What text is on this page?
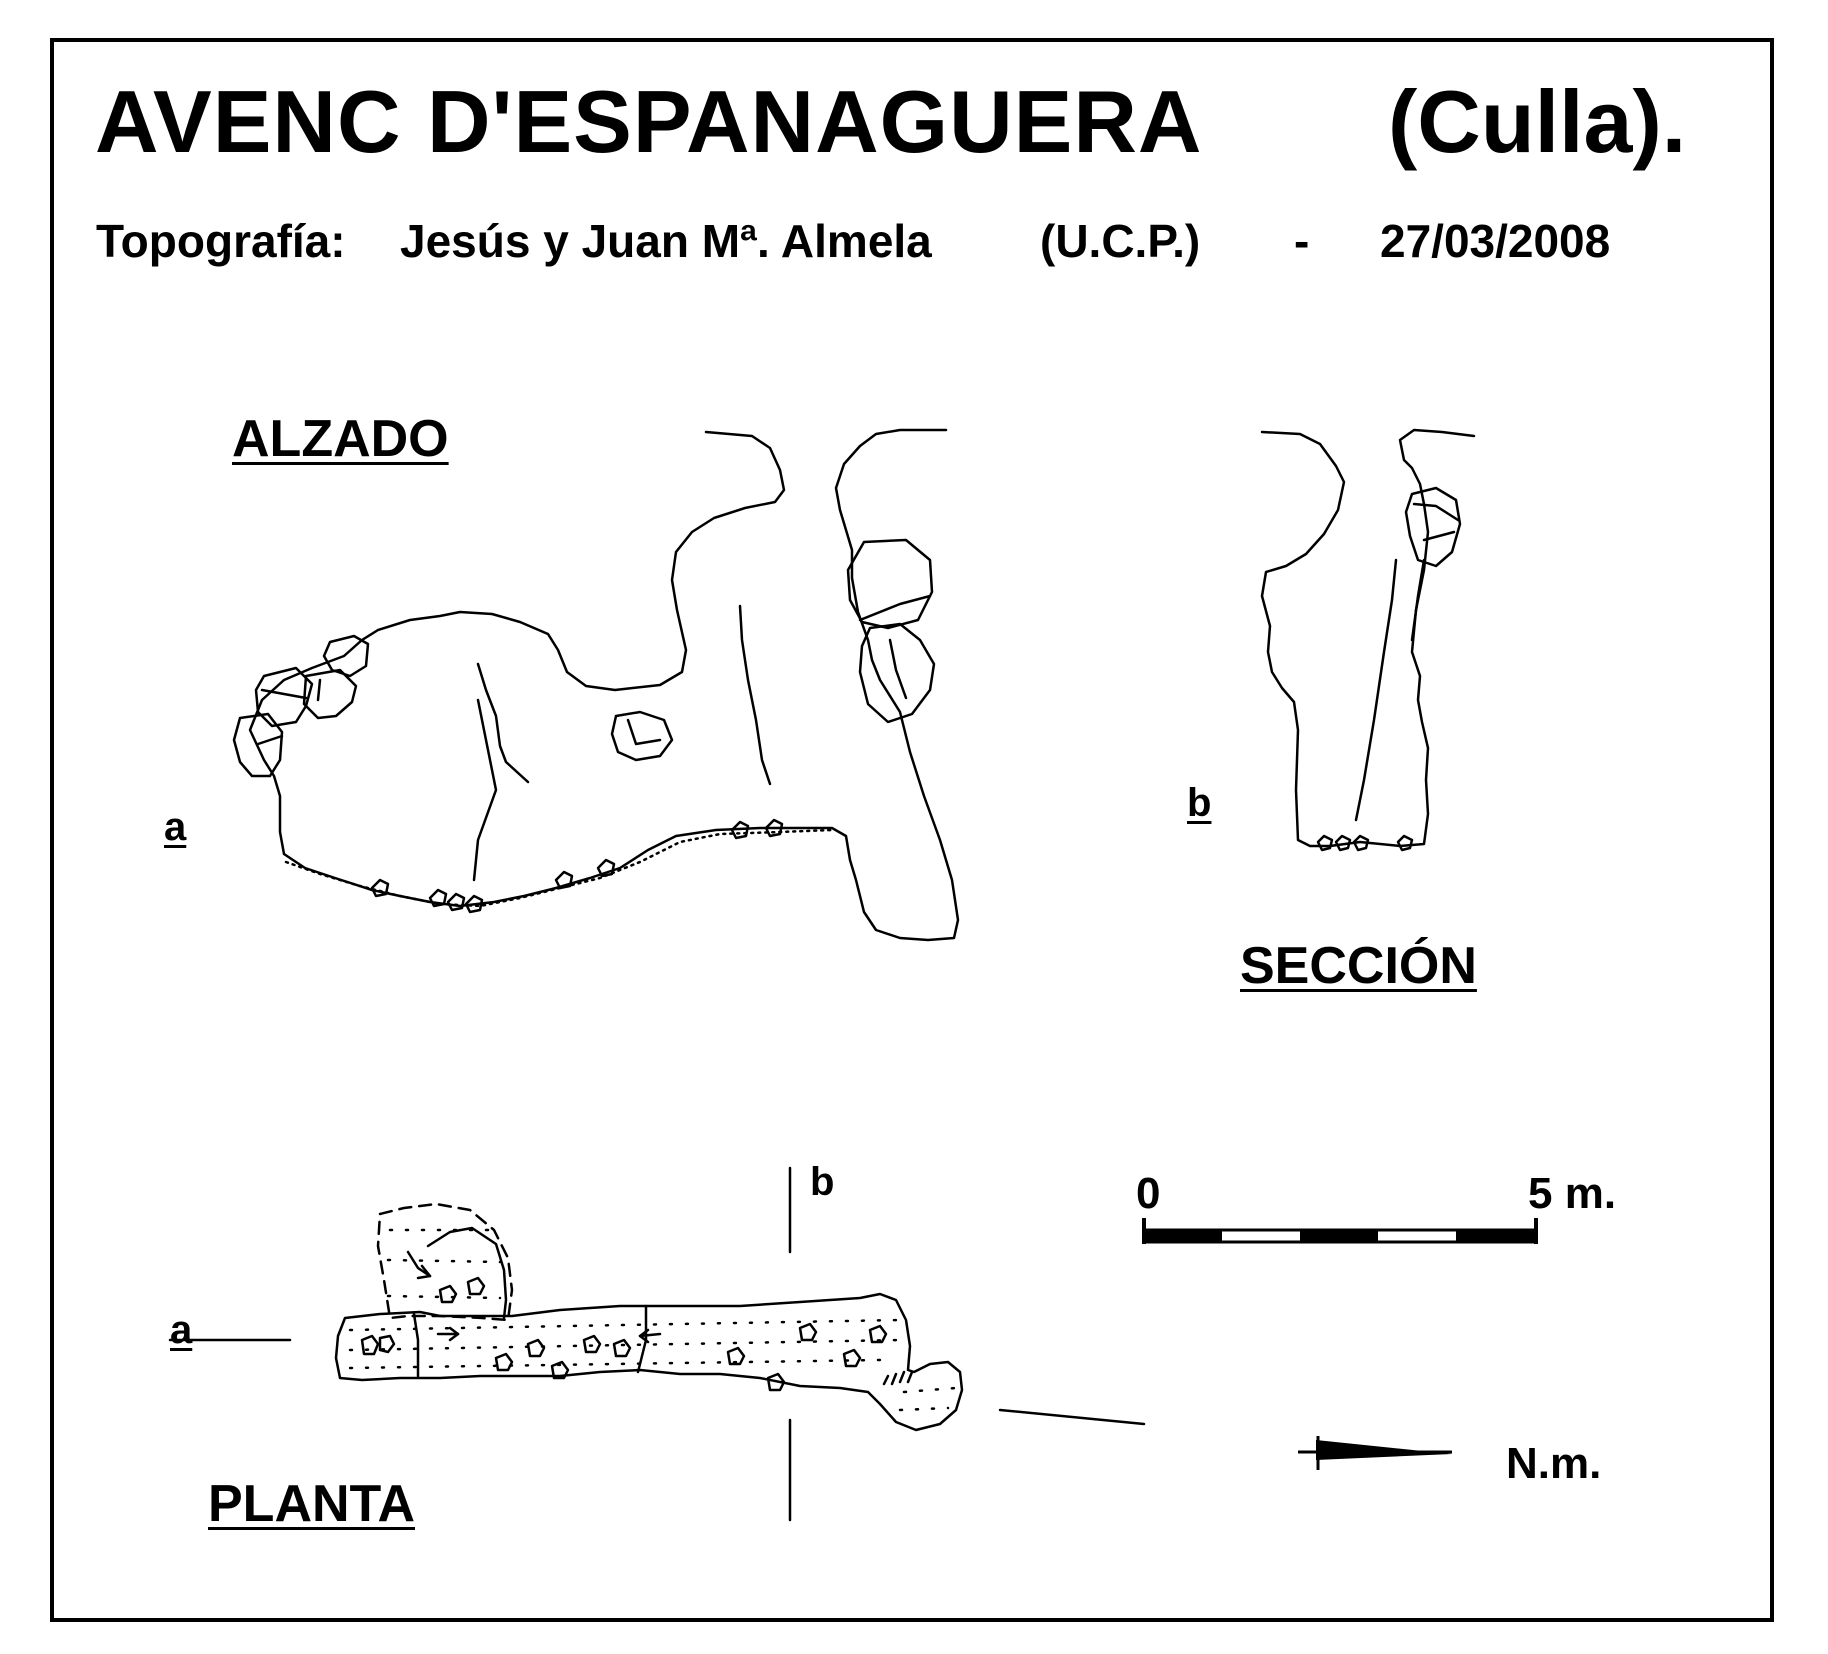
AVENC D'ESPANAGUERA (Culla).
Topografía: Jesús y Juan Mª. Almela (U.C.P.) - 27/03/2008
ALZADO
SECCIÓN
PLANTA
a
b
a
b	0	5 m.
N.m.
